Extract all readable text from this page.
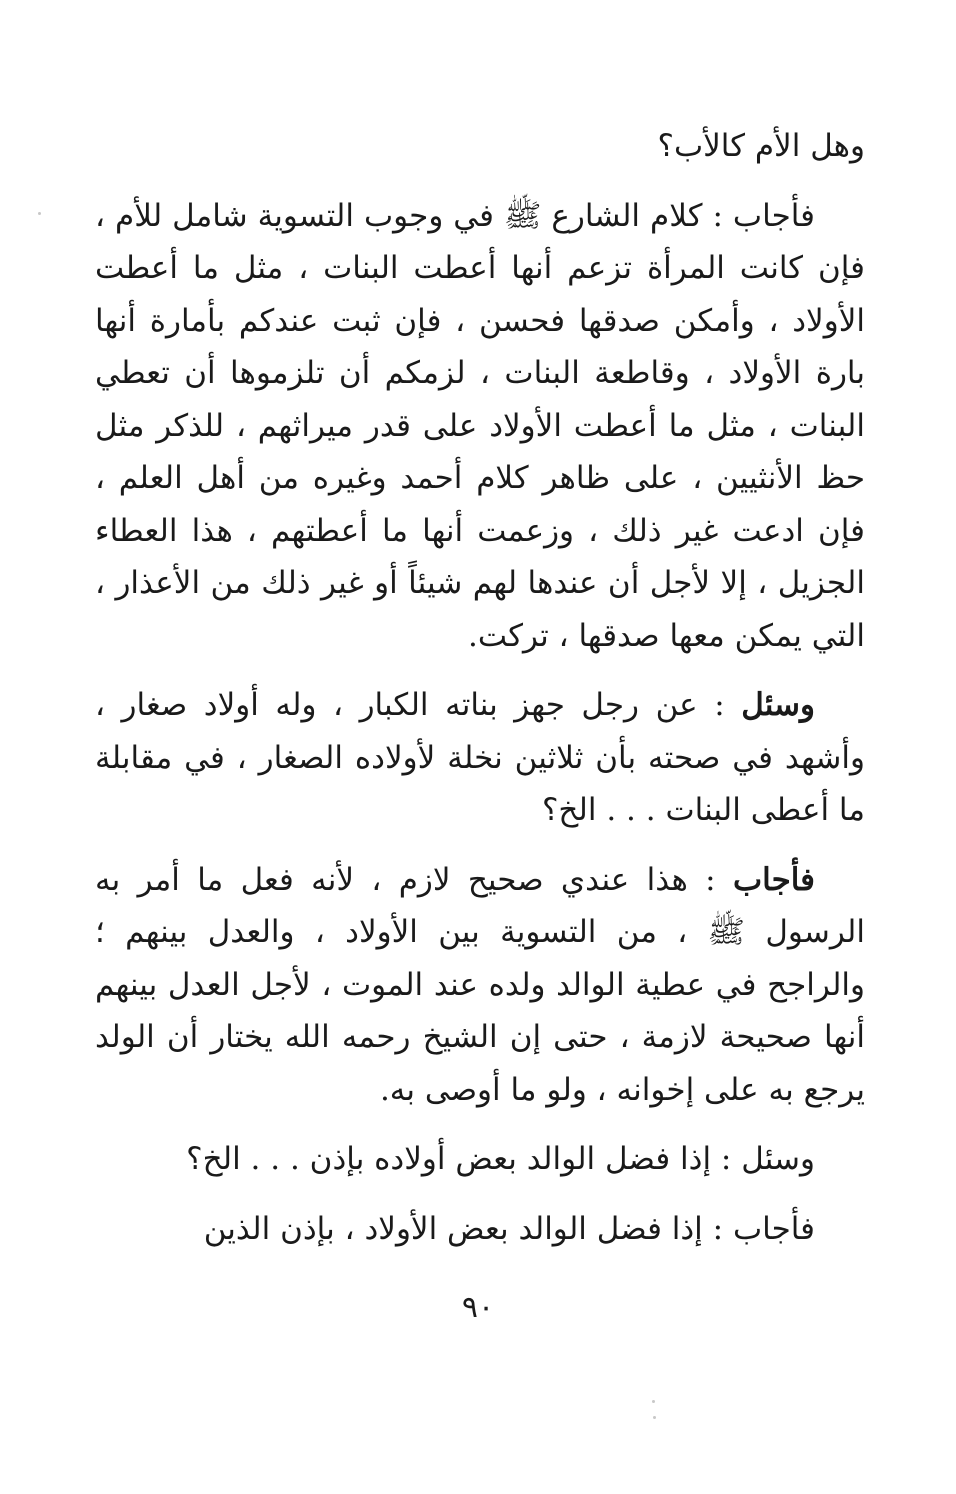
وهل الأم كالأب؟

فأجاب : كلام الشارع ﷺ في وجوب التسوية شامل للأم ، فإن كانت المرأة تزعم أنها أعطت البنات ، مثل ما أعطت الأولاد ، وأمكن صدقها فحسن ، فإن ثبت عندكم بأمارة أنها بارة الأولاد ، وقاطعة البنات ، لزمكم أن تلزموها أن تعطي البنات ، مثل ما أعطت الأولاد على قدر ميراثهم ، للذكر مثل حظ الأنثيين ، على ظاهر كلام أحمد وغيره من أهل العلم ، فإن ادعت غير ذلك ، وزعمت أنها ما أعطتهم ، هذا العطاء الجزيل ، إلا لأجل أن عندها لهم شيئاً أو غير ذلك من الأعذار ، التي يمكن معها صدقها ، تركت.

وسئل : عن رجل جهز بناته الكبار ، وله أولاد صغار ، وأشهد في صحته بأن ثلاثين نخلة لأولاده الصغار ، في مقابلة ما أعطى البنات . . . الخ؟

فأجاب : هذا عندي صحيح لازم ، لأنه فعل ما أمر به الرسول ﷺ ، من التسوية بين الأولاد ، والعدل بينهم ؛ والراجح في عطية الوالد ولده عند الموت ، لأجل العدل بينهم أنها صحيحة لازمة ، حتى إن الشيخ رحمه الله يختار أن الولد يرجع به على إخوانه ، ولو ما أوصى به.

وسئل : إذا فضل الوالد بعض أولاده بإذن . . . الخ؟

فأجاب : إذا فضل الوالد بعض الأولاد ، بإذن الذين

٩٠
